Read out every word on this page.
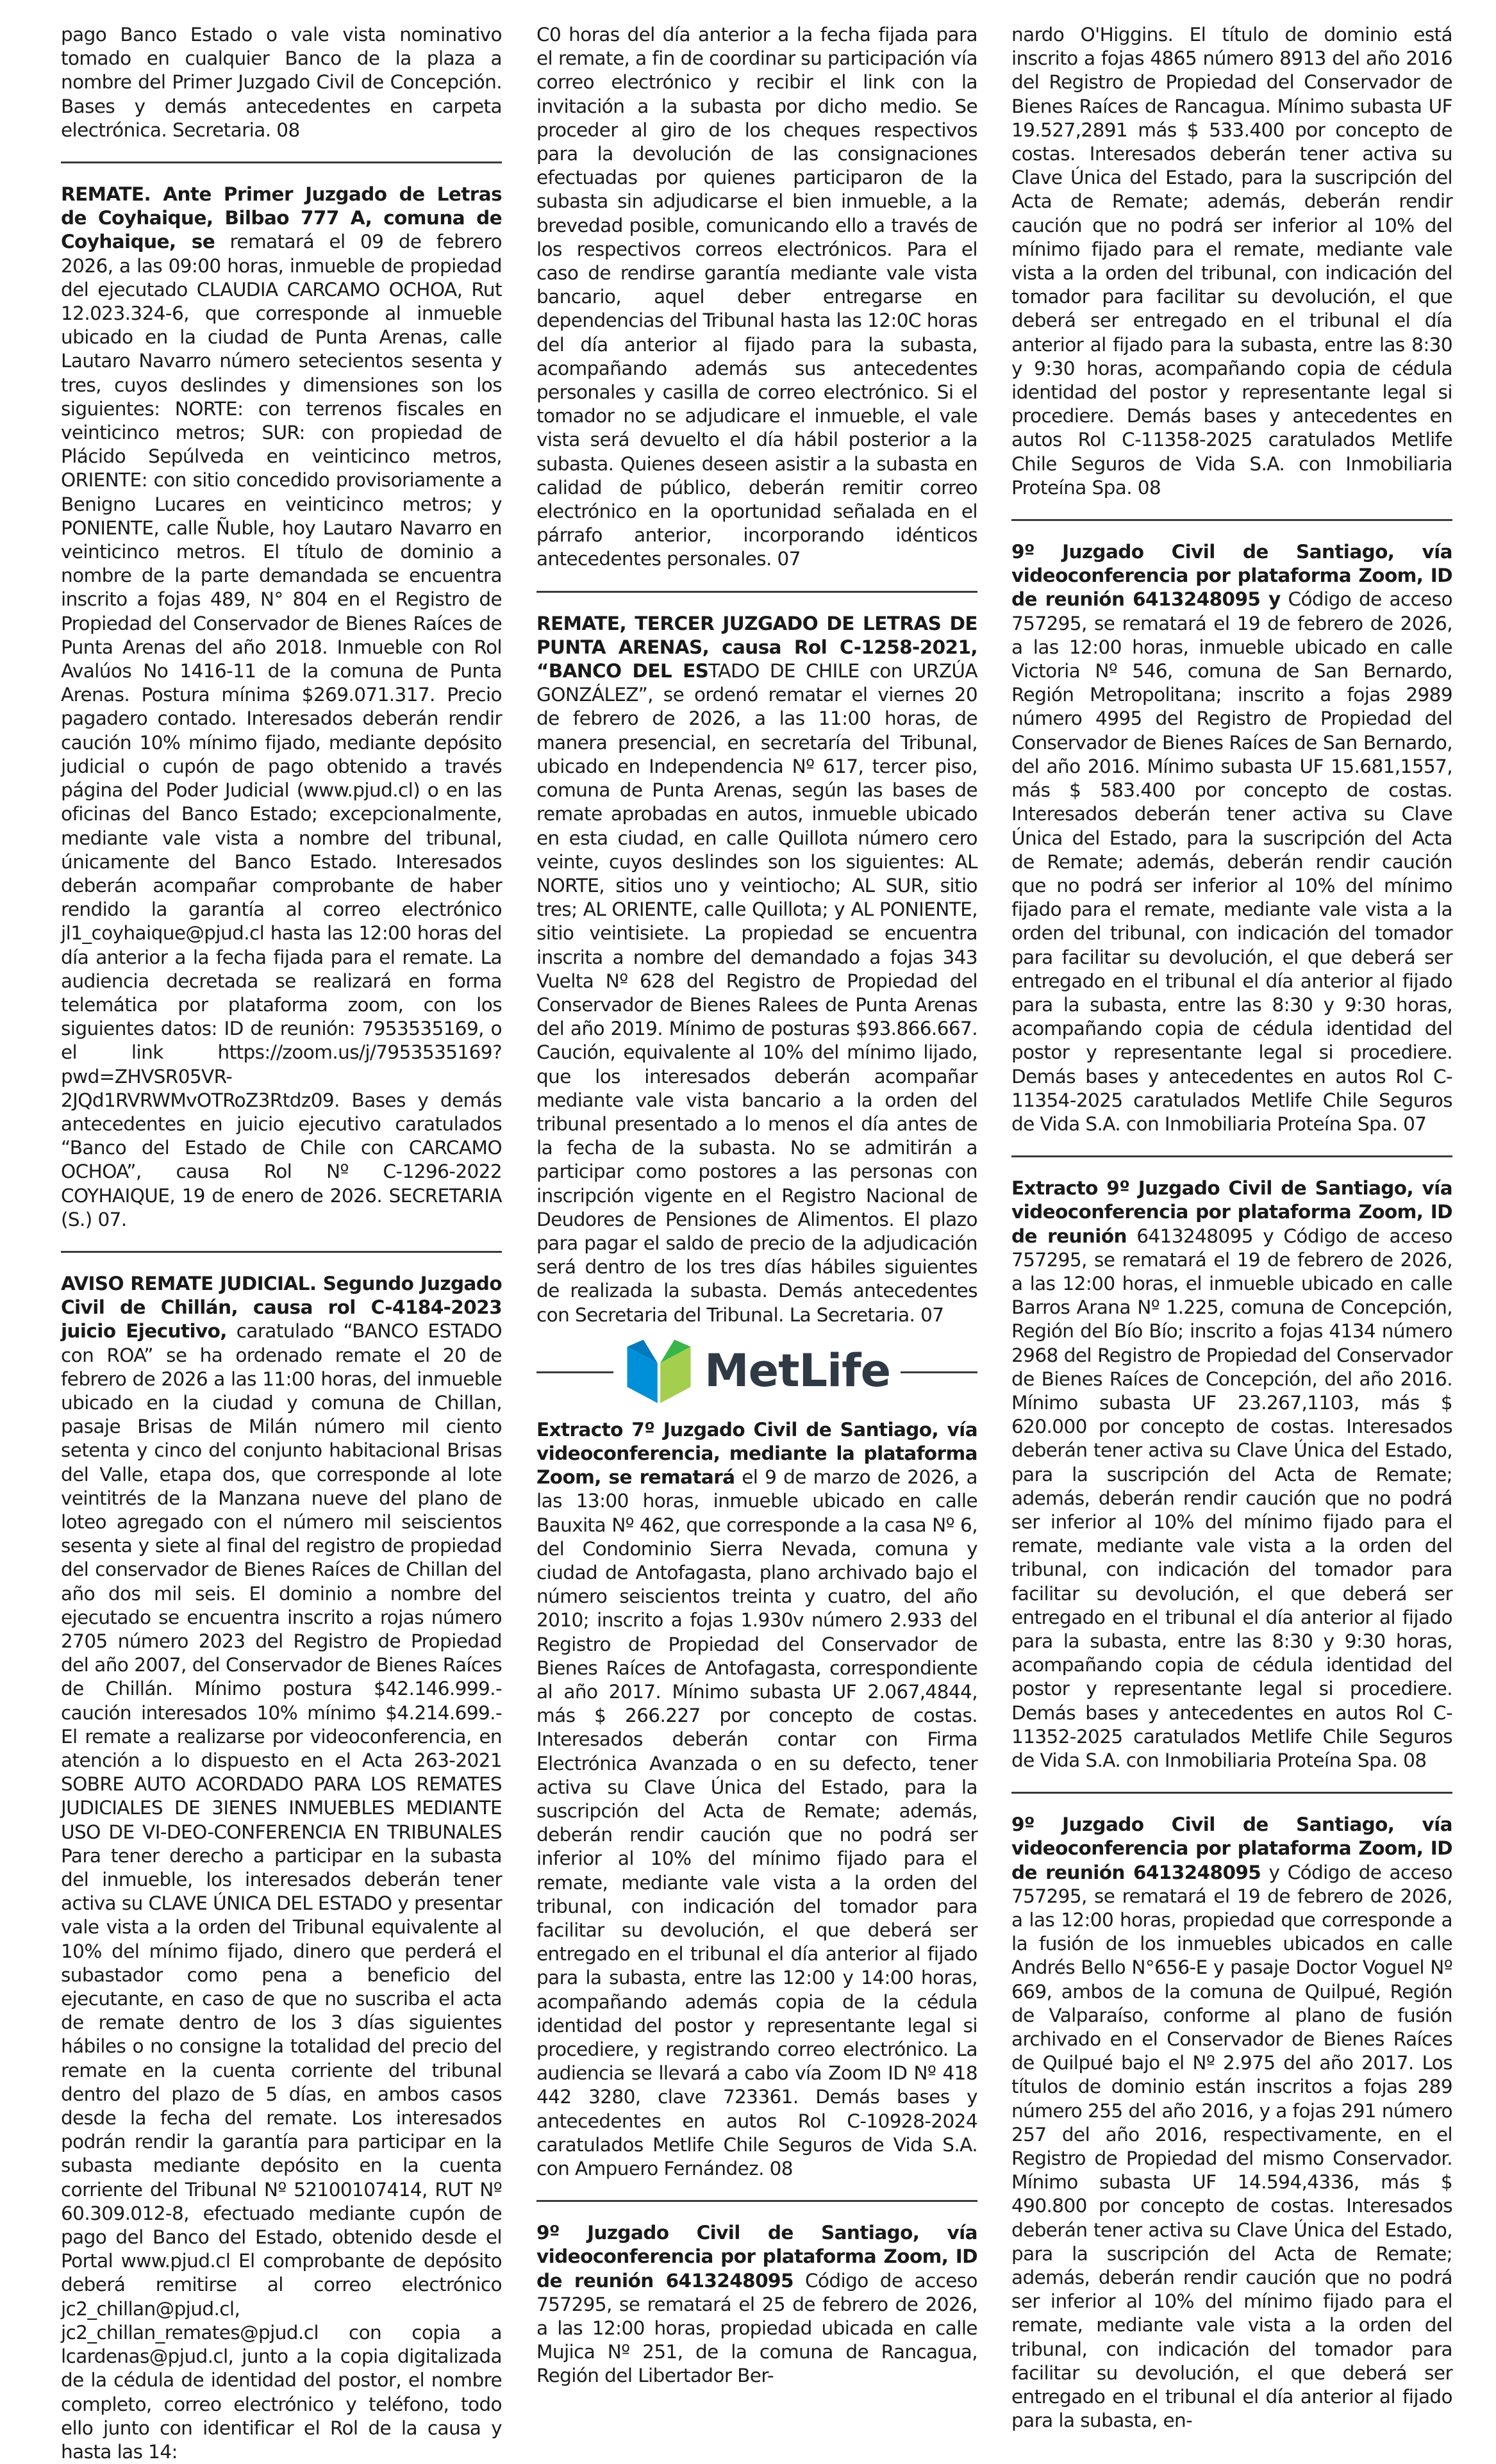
pago Banco Estado o vale vista nominativo tomado en cualquier Banco de la plaza a nombre del Primer Juzgado Civil de Concepción. Bases y demás antecedentes en carpeta electrónica. Secretaria. 08

REMATE. Ante Primer Juzgado de Letras de Coyhaique, Bilbao 777 A, comuna de Coyhaique, se rematará el 09 de febrero 2026, a las 09:00 horas, inmueble de propiedad del ejecutado CLAUDIA CARCAMO OCHOA, Rut 12.023.324-6, que corresponde al inmueble ubicado en la ciudad de Punta Arenas, calle Lautaro Navarro número setecientos sesenta y tres, cuyos deslindes y dimensiones son los siguientes: NORTE: con terrenos fiscales en veinticinco metros; SUR: con propiedad de Plácido Sepúlveda en veinticinco metros, ORIENTE: con sitio concedido provisoriamente a Benigno Lucares en veinticinco metros; y PONIENTE, calle Ñuble, hoy Lautaro Navarro en veinticinco metros. El título de dominio a nombre de la parte demandada se encuentra inscrito a fojas 489, N° 804 en el Registro de Propiedad del Conservador de Bienes Raíces de Punta Arenas del año 2018. Inmueble con Rol Avalúos No 1416-11 de la comuna de Punta Arenas. Postura mínima $269.071.317. Precio pagadero contado. Interesados deberán rendir caución 10% mínimo fijado, mediante depósito judicial o cupón de pago obtenido a través página del Poder Judicial (www.pjud.cl) o en las oficinas del Banco Estado; excepcionalmente, mediante vale vista a nombre del tribunal, únicamente del Banco Estado. Interesados deberán acompañar comprobante de haber rendido la garantía al correo electrónico jl1_coyhaique@pjud.cl hasta las 12:00 horas del día anterior a la fecha fijada para el remate. La audiencia decretada se realizará en forma telemática por plataforma zoom, con los siguientes datos: ID de reunión: 7953535169, o el link https://zoom.us/j/7953535169?pwd=ZHVSR05VR-2JQd1RVRWMvOTRoZ3Rtdz09. Bases y demás antecedentes en juicio ejecutivo caratulados “Banco del Estado de Chile con CARCAMO OCHOA”, causa Rol Nº C-1296-2022 COYHAIQUE, 19 de enero de 2026. SECRETARIA (S.) 07.

AVISO REMATE JUDICIAL. Segundo Juzgado Civil de Chillán, causa rol C-4184-2023 juicio Ejecutivo, caratulado “BANCO ESTADO con ROA” se ha ordenado remate el 20 de febrero de 2026 a las 11:00 horas, del inmueble ubicado en la ciudad y comuna de Chillan, pasaje Brisas de Milán número mil ciento setenta y cinco del conjunto habitacional Brisas del Valle, etapa dos, que corresponde al lote veintitrés de la Manzana nueve del plano de loteo agregado con el número mil seiscientos sesenta y siete al final del registro de propiedad del conservador de Bienes Raíces de Chillan del año dos mil seis. El dominio a nombre del ejecutado se encuentra inscrito a rojas número 2705 número 2023 del Registro de Propiedad del año 2007, del Conservador de Bienes Raíces de Chillán. Mínimo postura $42.146.999.- caución interesados 10% mínimo $4.214.699.- El remate a realizarse por videoconferencia, en atención a lo dispuesto en el Acta 263-2021 SOBRE AUTO ACORDADO PARA LOS REMATES JUDICIALES DE 3IENES INMUEBLES MEDIANTE USO DE VI-DEO-CONFERENCIA EN TRIBUNALES Para tener derecho a participar en la subasta del inmueble, los interesados deberán tener activa su CLAVE ÚNICA DEL ESTADO y presentar vale vista a la orden del Tribunal equivalente al 10% del mínimo fijado, dinero que perderá el subastador como pena a beneficio del ejecutante, en caso de que no suscriba el acta de remate dentro de los 3 días siguientes hábiles o no consigne la totalidad del precio del remate en la cuenta corriente del tribunal dentro del plazo de 5 días, en ambos casos desde la fecha del remate. Los interesados podrán rendir la garantía para participar en la subasta mediante depósito en la cuenta corriente del Tribunal Nº 52100107414, RUT Nº 60.309.012-8, efectuado mediante cupón de pago del Banco del Estado, obtenido desde el Portal www.pjud.cl El comprobante de depósito deberá remitirse al correo electrónico jc2_chillan@pjud.cl, jc2_chillan_remates@pjud.cl con copia a lcardenas@pjud.cl, junto a la copia digitalizada de la cédula de identidad del postor, el nombre completo, correo electrónico y teléfono, todo ello junto con identificar el Rol de la causa y hasta las 14:

C0 horas del día anterior a la fecha fijada para el remate, a fin de coordinar su participación vía correo electrónico y recibir el link con la invitación a la subasta por dicho medio. Se proceder al giro de los cheques respectivos para la devolución de las consignaciones efectuadas por quienes participaron de la subasta sin adjudicarse el bien inmueble, a la brevedad posible, comunicando ello a través de los respectivos correos electrónicos. Para el caso de rendirse garantía mediante vale vista bancario, aquel deber entregarse en dependencias del Tribunal hasta las 12:0C horas del día anterior al fijado para la subasta, acompañando además sus antecedentes personales y casilla de correo electrónico. Si el tomador no se adjudicare el inmueble, el vale vista será devuelto el día hábil posterior a la subasta. Quienes deseen asistir a la subasta en calidad de público, deberán remitir correo electrónico en la oportunidad señalada en el párrafo anterior, incorporando idénticos antecedentes personales. 07

REMATE, TERCER JUZGADO DE LETRAS DE PUNTA ARENAS, causa Rol C-1258-2021, “BANCO DEL ESTADO DE CHILE con URZÚA GONZÁLEZ”, se ordenó rematar el viernes 20 de febrero de 2026, a las 11:00 horas, de manera presencial, en secretaría del Tribunal, ubicado en Independencia Nº 617, tercer piso, comuna de Punta Arenas, según las bases de remate aprobadas en autos, inmueble ubicado en esta ciudad, en calle Quillota número cero veinte, cuyos deslindes son los siguientes: AL NORTE, sitios uno y veintiocho; AL SUR, sitio tres; AL ORIENTE, calle Quillota; y AL PONIENTE, sitio veintisiete. La propiedad se encuentra inscrita a nombre del demandado a fojas 343 Vuelta Nº 628 del Registro de Propiedad del Conservador de Bienes Ralees de Punta Arenas del año 2019. Mínimo de posturas $93.866.667. Caución, equivalente al 10% del mínimo lijado, que los interesados deberán acompañar mediante vale vista bancario a la orden del tribunal presentado a lo menos el día antes de la fecha de la subasta. No se admitirán a participar como postores a las personas con inscripción vigente en el Registro Nacional de Deudores de Pensiones de Alimentos. El plazo para pagar el saldo de precio de la adjudicación será dentro de los tres días hábiles siguientes de realizada la subasta. Demás antecedentes con Secretaria del Tribunal. La Secretaria. 07

MetLife

Extracto 7º Juzgado Civil de Santiago, vía videoconferencia, mediante la plataforma Zoom, se rematará el 9 de marzo de 2026, a las 13:00 horas, inmueble ubicado en calle Bauxita Nº 462, que corresponde a la casa Nº 6, del Condominio Sierra Nevada, comuna y ciudad de Antofagasta, plano archivado bajo el número seiscientos treinta y cuatro, del año 2010; inscrito a fojas 1.930v número 2.933 del Registro de Propiedad del Conservador de Bienes Raíces de Antofagasta, correspondiente al año 2017. Mínimo subasta UF 2.067,4844, más $ 266.227 por concepto de costas. Interesados deberán contar con Firma Electrónica Avanzada o en su defecto, tener activa su Clave Única del Estado, para la suscripción del Acta de Remate; además, deberán rendir caución que no podrá ser inferior al 10% del mínimo fijado para el remate, mediante vale vista a la orden del tribunal, con indicación del tomador para facilitar su devolución, el que deberá ser entregado en el tribunal el día anterior al fijado para la subasta, entre las 12:00 y 14:00 horas, acompañando además copia de la cédula identidad del postor y representante legal si procediere, y registrando correo electrónico. La audiencia se llevará a cabo vía Zoom ID Nº 418 442 3280, clave 723361. Demás bases y antecedentes en autos Rol C-10928-2024 caratulados Metlife Chile Seguros de Vida S.A. con Ampuero Fernández. 08

9º Juzgado Civil de Santiago, vía videoconferencia por plataforma Zoom, ID de reunión 6413248095 Código de acceso 757295, se rematará el 25 de febrero de 2026, a las 12:00 horas, propiedad ubicada en calle Mujica Nº 251, de la comuna de Rancagua, Región del Libertador Ber-

nardo O'Higgins. El título de dominio está inscrito a fojas 4865 número 8913 del año 2016 del Registro de Propiedad del Conservador de Bienes Raíces de Rancagua. Mínimo subasta UF 19.527,2891 más $ 533.400 por concepto de costas. Interesados deberán tener activa su Clave Única del Estado, para la suscripción del Acta de Remate; además, deberán rendir caución que no podrá ser inferior al 10% del mínimo fijado para el remate, mediante vale vista a la orden del tribunal, con indicación del tomador para facilitar su devolución, el que deberá ser entregado en el tribunal el día anterior al fijado para la subasta, entre las 8:30 y 9:30 horas, acompañando copia de cédula identidad del postor y representante legal si procediere. Demás bases y antecedentes en autos Rol C-11358-2025 caratulados Metlife Chile Seguros de Vida S.A. con Inmobiliaria Proteína Spa. 08

9º Juzgado Civil de Santiago, vía videoconferencia por plataforma Zoom, ID de reunión 6413248095 y Código de acceso 757295, se rematará el 19 de febrero de 2026, a las 12:00 horas, inmueble ubicado en calle Victoria Nº 546, comuna de San Bernardo, Región Metropolitana; inscrito a fojas 2989 número 4995 del Registro de Propiedad del Conservador de Bienes Raíces de San Bernardo, del año 2016. Mínimo subasta UF 15.681,1557, más $ 583.400 por concepto de costas. Interesados deberán tener activa su Clave Única del Estado, para la suscripción del Acta de Remate; además, deberán rendir caución que no podrá ser inferior al 10% del mínimo fijado para el remate, mediante vale vista a la orden del tribunal, con indicación del tomador para facilitar su devolución, el que deberá ser entregado en el tribunal el día anterior al fijado para la subasta, entre las 8:30 y 9:30 horas, acompañando copia de cédula identidad del postor y representante legal si procediere. Demás bases y antecedentes en autos Rol C-11354-2025 caratulados Metlife Chile Seguros de Vida S.A. con Inmobiliaria Proteína Spa. 07

Extracto 9º Juzgado Civil de Santiago, vía videoconferencia por plataforma Zoom, ID de reunión 6413248095 y Código de acceso 757295, se rematará el 19 de febrero de 2026, a las 12:00 horas, el inmueble ubicado en calle Barros Arana Nº 1.225, comuna de Concepción, Región del Bío Bío; inscrito a fojas 4134 número 2968 del Registro de Propiedad del Conservador de Bienes Raíces de Concepción, del año 2016. Mínimo subasta UF 23.267,1103, más $ 620.000 por concepto de costas. Interesados deberán tener activa su Clave Única del Estado, para la suscripción del Acta de Remate; además, deberán rendir caución que no podrá ser inferior al 10% del mínimo fijado para el remate, mediante vale vista a la orden del tribunal, con indicación del tomador para facilitar su devolución, el que deberá ser entregado en el tribunal el día anterior al fijado para la subasta, entre las 8:30 y 9:30 horas, acompañando copia de cédula identidad del postor y representante legal si procediere. Demás bases y antecedentes en autos Rol C-11352-2025 caratulados Metlife Chile Seguros de Vida S.A. con Inmobiliaria Proteína Spa. 08

9º Juzgado Civil de Santiago, vía videoconferencia por plataforma Zoom, ID de reunión 6413248095 y Código de acceso 757295, se rematará el 19 de febrero de 2026, a las 12:00 horas, propiedad que corresponde a la fusión de los inmuebles ubicados en calle Andrés Bello N°656-E y pasaje Doctor Voguel Nº 669, ambos de la comuna de Quilpué, Región de Valparaíso, conforme al plano de fusión archivado en el Conservador de Bienes Raíces de Quilpué bajo el Nº 2.975 del año 2017. Los títulos de dominio están inscritos a fojas 289 número 255 del año 2016, y a fojas 291 número 257 del año 2016, respectivamente, en el Registro de Propiedad del mismo Conservador. Mínimo subasta UF 14.594,4336, más $ 490.800 por concepto de costas. Interesados deberán tener activa su Clave Única del Estado, para la suscripción del Acta de Remate; además, deberán rendir caución que no podrá ser inferior al 10% del mínimo fijado para el remate, mediante vale vista a la orden del tribunal, con indicación del tomador para facilitar su devolución, el que deberá ser entregado en el tribunal el día anterior al fijado para la subasta, en-
